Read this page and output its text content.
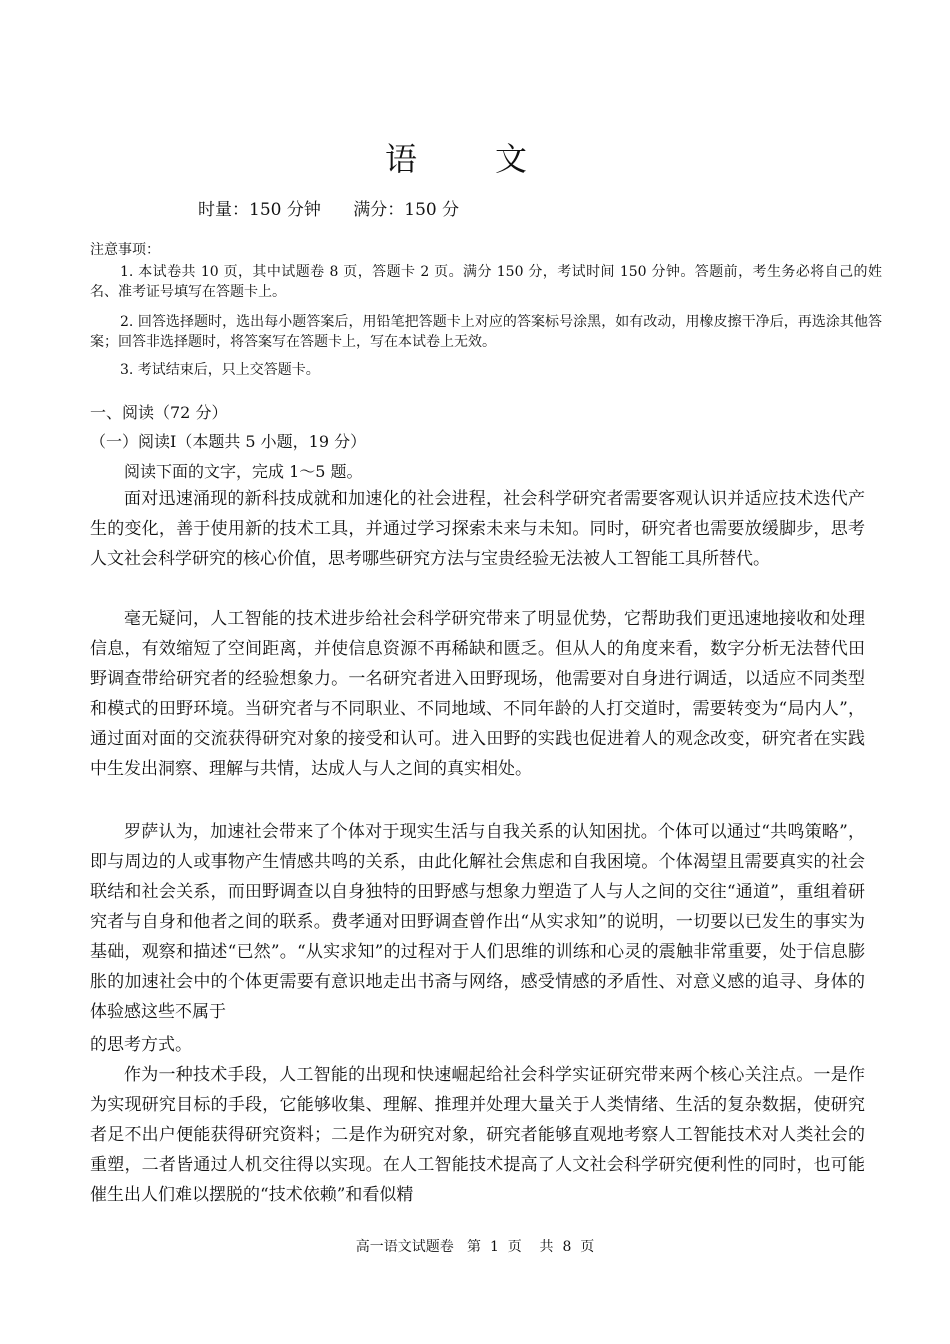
语文
时量：150 分钟      满分：150 分
注意事项：
1. 本试卷共 10 页，其中试题卷 8 页，答题卡 2 页。满分 150 分，考试时间 150 分钟。答题前，考生务必将自己的姓名、准考证号填写在答题卡上。
2. 回答选择题时，选出每小题答案后，用铅笔把答题卡上对应的答案标号涂黑，如有改动，用橡皮擦干净后，再选涂其他答案；回答非选择题时，将答案写在答题卡上，写在本试卷上无效。
3. 考试结束后，只上交答题卡。
一、阅读（72 分）
（一）阅读Ⅰ（本题共 5 小题，19 分）
阅读下面的文字，完成 1～5 题。
面对迅速涌现的新科技成就和加速化的社会进程，社会科学研究者需要客观认识并适应技术迭代产生的变化，善于使用新的技术工具，并通过学习探索未来与未知。同时，研究者也需要放缓脚步，思考人文社会科学研究的核心价值，思考哪些研究方法与宝贵经验无法被人工智能工具所替代。
毫无疑问，人工智能的技术进步给社会科学研究带来了明显优势，它帮助我们更迅速地接收和处理信息，有效缩短了空间距离，并使信息资源不再稀缺和匮乏。但从人的角度来看，数字分析无法替代田野调查带给研究者的经验想象力。一名研究者进入田野现场，他需要对自身进行调适，以适应不同类型和模式的田野环境。当研究者与不同职业、不同地域、不同年龄的人打交道时，需要转变为“局内人”，通过面对面的交流获得研究对象的接受和认可。进入田野的实践也促进着人的观念改变，研究者在实践中生发出洞察、理解与共情，达成人与人之间的真实相处。
罗萨认为，加速社会带来了个体对于现实生活与自我关系的认知困扰。个体可以通过“共鸣策略”，即与周边的人或事物产生情感共鸣的关系，由此化解社会焦虑和自我困境。个体渴望且需要真实的社会联结和社会关系，而田野调查以自身独特的田野感与想象力塑造了人与人之间的交往“通道”，重组着研究者与自身和他者之间的联系。费孝通对田野调查曾作出“从实求知”的说明，一切要以已发生的事实为基础，观察和描述“已然”。“从实求知”的过程对于人们思维的训练和心灵的震触非常重要，处于信息膨胀的加速社会中的个体更需要有意识地走出书斋与网络，感受情感的矛盾性、对意义感的追寻、身体的体验感这些不属于
的思考方式。
作为一种技术手段，人工智能的出现和快速崛起给社会科学实证研究带来两个核心关注点。一是作为实现研究目标的手段，它能够收集、理解、推理并处理大量关于人类情绪、生活的复杂数据，使研究者足不出户便能获得研究资料；二是作为研究对象，研究者能够直观地考察人工智能技术对人类社会的重塑，二者皆通过人机交往得以实现。在人工智能技术提高了人文社会科学研究便利性的同时，也可能催生出人们难以摆脱的“技术依赖”和看似精
高一语文试题卷   第  1  页    共  8  页
